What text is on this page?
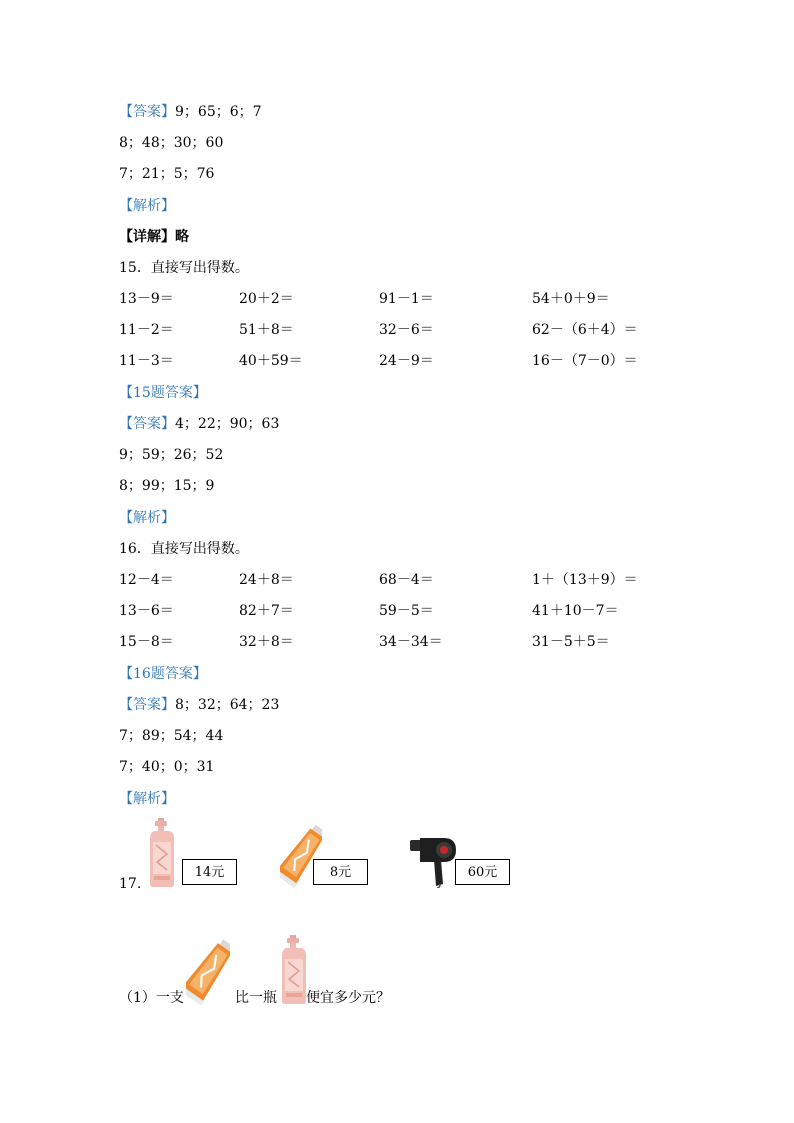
【答案】9；65；6；7
8；48；30；60
7；21；5；76
【解析】
【详解】略
15．直接写出得数。
13－9＝	20＋2＝	91－1＝	54＋0＋9＝
11－2＝	51＋8＝	32－6＝	62－（6＋4）＝
11－3＝	40＋59＝	24－9＝	16－（7－0）＝
【15题答案】
【答案】4；22；90；63
9；59；26；52
8；99；15；9
【解析】
16．直接写出得数。
12－4＝	24＋8＝	68－4＝	1＋（13＋9）＝
13－6＝	82＋7＝	59－5＝	41＋10－7＝
15－8＝	32＋8＝	34－34＝	31－5＋5＝
【16题答案】
【答案】8；32；64；23
7；89；54；44
7；40；0；31
【解析】
17.
14元	8元	60元
（1）一支	比一瓶 便宜多少元？
